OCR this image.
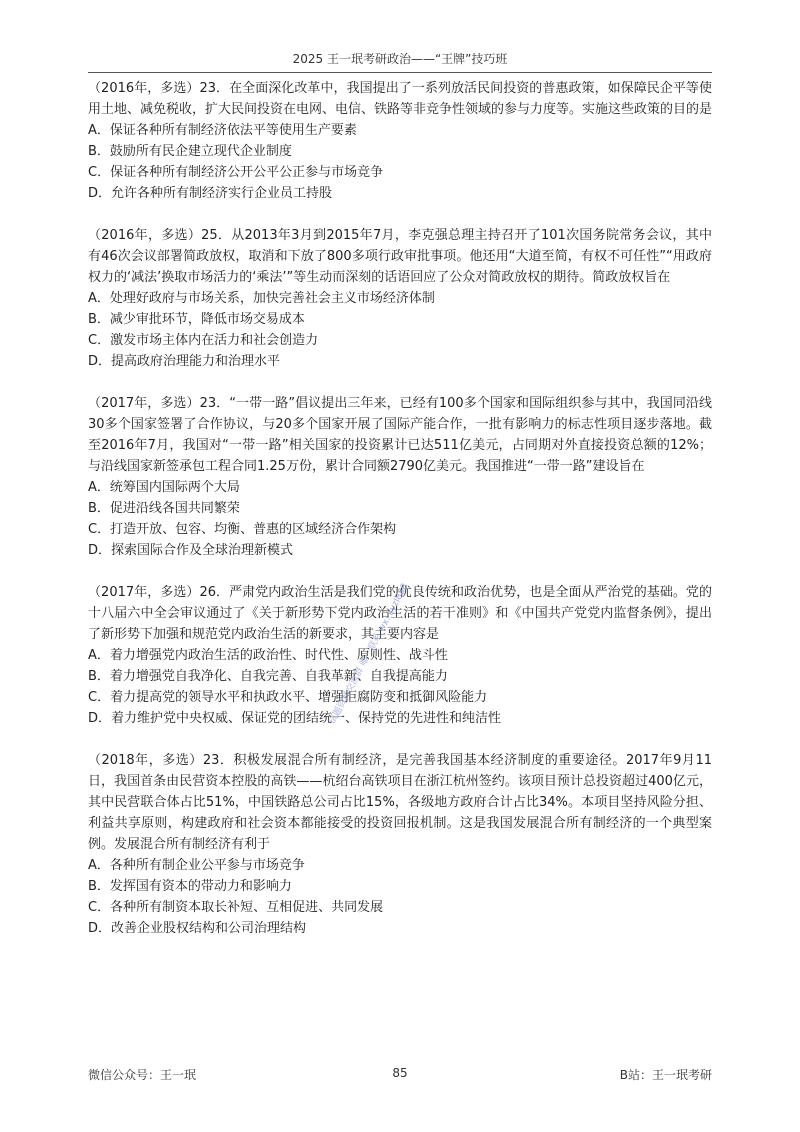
2025 王一珉考研政治——“王牌”技巧班

（2016年，多选）23．在全面深化改革中，我国提出了一系列放活民间投资的普惠政策，如保障民企平等使用土地、减免税收，扩大民间投资在电网、电信、铁路等非竞争性领域的参与力度等。实施这些政策的目的是

A．保证各种所有制经济依法平等使用生产要素

B．鼓励所有民企建立现代企业制度

C．保证各种所有制经济公开公平公正参与市场竞争

D．允许各种所有制经济实行企业员工持股

（2016年，多选）25．从2013年3月到2015年7月，李克强总理主持召开了101次国务院常务会议，其中有46次会议部署简政放权，取消和下放了800多项行政审批事项。他还用“大道至简，有权不可任性”“用政府权力的‘减法’换取市场活力的‘乘法’”等生动而深刻的话语回应了公众对简政放权的期待。简政放权旨在

A．处理好政府与市场关系，加快完善社会主义市场经济体制

B．减少审批环节，降低市场交易成本

C．激发市场主体内在活力和社会创造力

D．提高政府治理能力和治理水平

（2017年，多选）23．“一带一路”倡议提出三年来，已经有100多个国家和国际组织参与其中，我国同沿线30多个国家签署了合作协议，与20多个国家开展了国际产能合作，一批有影响力的标志性项目逐步落地。截至2016年7月，我国对“一带一路”相关国家的投资累计已达511亿美元，占同期对外直接投资总额的12%；与沿线国家新签承包工程合同1.25万份，累计合同额2790亿美元。我国推进“一带一路”建设旨在

A．统筹国内国际两个大局

B．促进沿线各国共同繁荣

C．打造开放、包容、均衡、普惠的区域经济合作架构

D．探索国际合作及全球治理新模式

（2017年，多选）26．严肃党内政治生活是我们党的优良传统和政治优势，也是全面从严治党的基础。党的十八届六中全会审议通过了《关于新形势下党内政治生活的若干准则》和《中国共产党党内监督条例》，提出了新形势下加强和规范党内政治生活的新要求，其主要内容是

A．着力增强党内政治生活的政治性、时代性、原则性、战斗性

B．着力增强党自我净化、自我完善、自我革新、自我提高能力

C．着力提高党的领导水平和执政水平、增强拒腐防变和抵御风险能力

D．着力维护党中央权威、保证党的团结统一、保持党的先进性和纯洁性

（2018年，多选）23．积极发展混合所有制经济，是完善我国基本经济制度的重要途径。2017年9月11日，我国首条由民营资本控股的高铁——杭绍台高铁项目在浙江杭州签约。该项目预计总投资超过400亿元，其中民营联合体占比51%，中国铁路总公司占比15%，各级地方政府合计占比34%。本项目坚持风险分担、利益共享原则，构建政府和社会资本都能接受的投资回报机制。这是我国发展混合所有制经济的一个典型案例。发展混合所有制经济有利于

A．各种所有制企业公平参与市场竞争

B．发挥国有资本的带动力和影响力

C．各种所有制资本取长补短、互相促进、共同发展

D．改善企业股权结构和公司治理结构

试题资料交流群 唯一联系 wx: kyzl888
微信公众号：王一珉	85	B站：王一珉考研
